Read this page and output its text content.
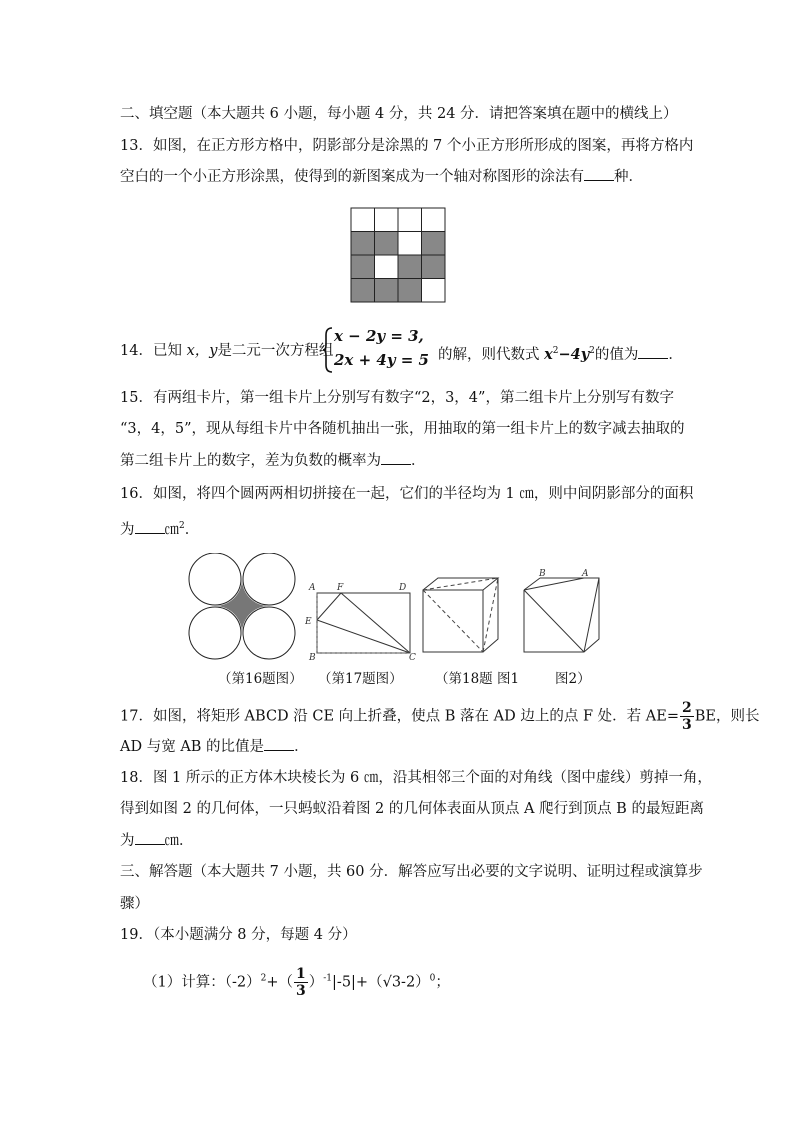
二、填空题（本大题共 6 小题，每小题 4 分，共 24 分．请把答案填在题中的横线上）
13．如图，在正方形方格中，阴影部分是涂黑的 7 个小正方形所形成的图案，再将方格内
空白的一个小正方形涂黑，使得到的新图案成为一个轴对称图形的涂法有 种．
14．已知 x，y是二元一次方程组
x − 2y = 3,
2x + 4y = 5 的解，则代数式 $x^2-4y^2$的值为 ．
15．有两组卡片，第一组卡片上分别写有数字“2，3，4”，第二组卡片上分别写有数字
“3，4，5”，现从每组卡片中各随机抽出一张，用抽取的第一组卡片上的数字减去抽取的
第二组卡片上的数字，差为负数的概率为 ．
16．如图，将四个圆两两相切拼接在一起，它们的半径均为 1 ㎝，则中间阴影部分的面积
为 ㎝$^2$．
A F	D
E
B	C
B	A
（第16题图） （第17题图） （第18题 图1	图2）
17．如图，将矩形 ABCD 沿 CE 向上折叠，使点 B 落在 AD 边上的点 F 处．若 $AE= \frac{2}{3}$ BE，则长
AD 与宽 AB 的比值是 ．
18．图 1 所示的正方体木块棱长为 6 ㎝，沿其相邻三个面的对角线（图中虚线）剪掉一角，
得到如图 2 的几何体，一只蚂蚁沿着图 2 的几何体表面从顶点 A 爬行到顶点 B 的最短距离
为 ㎝．
三、解答题（本大题共 7 小题，共 60 分．解答应写出必要的文字说明、证明过程或演算步
骤）
19．（本小题满分 8 分，每题 4 分）
（1）计算：$(-2)^2+( \frac{1}{3} )^{-1}|-5|+(√3-2)^0$；
